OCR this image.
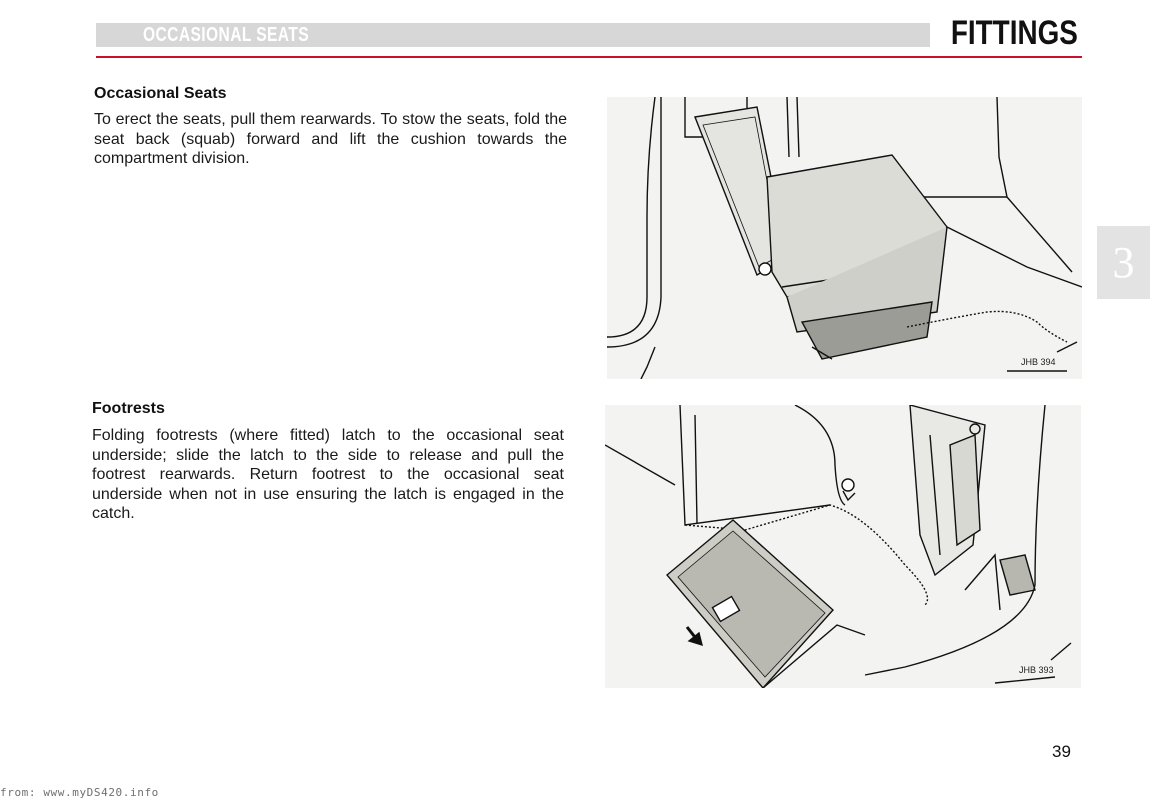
OCCASIONAL SEATS	FITTINGS
3
Occasional Seats
To erect the seats, pull them rearwards. To stow the seats, fold the seat back (squab) forward and lift the cushion towards the compartment division.
JHB 394
Footrests
Folding footrests (where fitted) latch to the occasional seat underside; slide the latch to the side to release and pull the footrest rearwards. Return footrest to the occasional seat underside when not in use ensuring the latch is engaged in the catch.
JHB 393
39
from: www.myDS420.info
